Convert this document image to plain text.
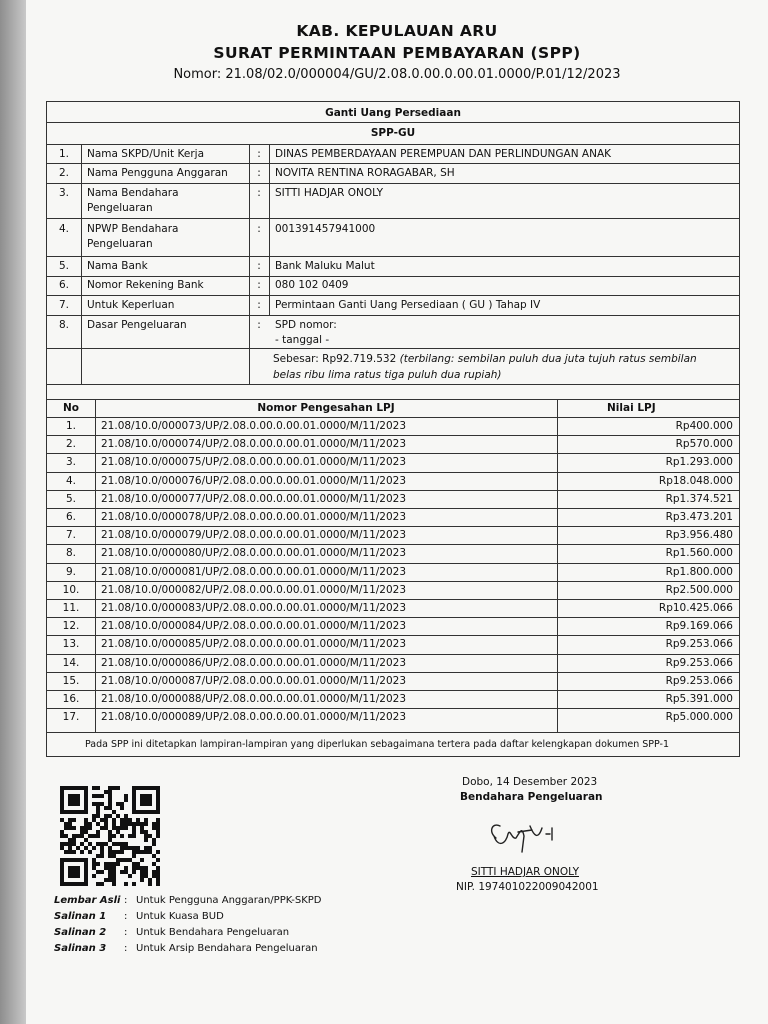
KAB. KEPULAUAN ARU
SURAT PERMINTAAN PEMBAYARAN (SPP)
Nomor: 21.08/02.0/000004/GU/2.08.0.00.0.00.01.0000/P.01/12/2023
Ganti Uang Persediaan
SPP-GU
1.	Nama SKPD/Unit Kerja	:	DINAS PEMBERDAYAAN PEREMPUAN DAN PERLINDUNGAN ANAK
2.	Nama Pengguna Anggaran	:	NOVITA RENTINA RORAGABAR, SH
3.	Nama Bendahara
Pengeluaran
:	SITTI HADJAR ONOLY
4.	NPWP Bendahara
Pengeluaran
:	001391457941000
5.	Nama Bank	:	Bank Maluku Malut
6.	Nomor Rekening Bank	:	080 102 0409
7.	Untuk Keperluan	:	Permintaan Ganti Uang Persediaan ( GU ) Tahap IV
8.	Dasar Pengeluaran	:	SPD nomor:
- tanggal -
Sebesar: Rp92.719.532 (terbilang: sembilan puluh dua juta tujuh ratus sembilan
belas ribu lima ratus tiga puluh dua rupiah)
No	Nomor Pengesahan LPJ	Nilai LPJ
1.	21.08/10.0/000073/UP/2.08.0.00.0.00.01.0000/M/11/2023	Rp400.000
2.	21.08/10.0/000074/UP/2.08.0.00.0.00.01.0000/M/11/2023	Rp570.000
3.	21.08/10.0/000075/UP/2.08.0.00.0.00.01.0000/M/11/2023	Rp1.293.000
4.	21.08/10.0/000076/UP/2.08.0.00.0.00.01.0000/M/11/2023	Rp18.048.000
5.	21.08/10.0/000077/UP/2.08.0.00.0.00.01.0000/M/11/2023	Rp1.374.521
6.	21.08/10.0/000078/UP/2.08.0.00.0.00.01.0000/M/11/2023	Rp3.473.201
7.	21.08/10.0/000079/UP/2.08.0.00.0.00.01.0000/M/11/2023	Rp3.956.480
8.	21.08/10.0/000080/UP/2.08.0.00.0.00.01.0000/M/11/2023	Rp1.560.000
9.	21.08/10.0/000081/UP/2.08.0.00.0.00.01.0000/M/11/2023	Rp1.800.000
10.	21.08/10.0/000082/UP/2.08.0.00.0.00.01.0000/M/11/2023	Rp2.500.000
11.	21.08/10.0/000083/UP/2.08.0.00.0.00.01.0000/M/11/2023	Rp10.425.066
12.	21.08/10.0/000084/UP/2.08.0.00.0.00.01.0000/M/11/2023	Rp9.169.066
13.	21.08/10.0/000085/UP/2.08.0.00.0.00.01.0000/M/11/2023	Rp9.253.066
14.	21.08/10.0/000086/UP/2.08.0.00.0.00.01.0000/M/11/2023	Rp9.253.066
15.	21.08/10.0/000087/UP/2.08.0.00.0.00.01.0000/M/11/2023	Rp9.253.066
16.	21.08/10.0/000088/UP/2.08.0.00.0.00.01.0000/M/11/2023	Rp5.391.000
17.	21.08/10.0/000089/UP/2.08.0.00.0.00.01.0000/M/11/2023	Rp5.000.000
Pada SPP ini ditetapkan lampiran-lampiran yang diperlukan sebagaimana tertera pada daftar kelengkapan dokumen SPP-1
Dobo, 14 Desember 2023
Bendahara Pengeluaran
SITTI HADJAR ONOLY
NIP. 197401022009042001
Lembar Asli : Untuk Pengguna Anggaran/PPK-SKPD
Salinan 1 : Untuk Kuasa BUD
Salinan 2 : Untuk Bendahara Pengeluaran
Salinan 3 : Untuk Arsip Bendahara Pengeluaran
